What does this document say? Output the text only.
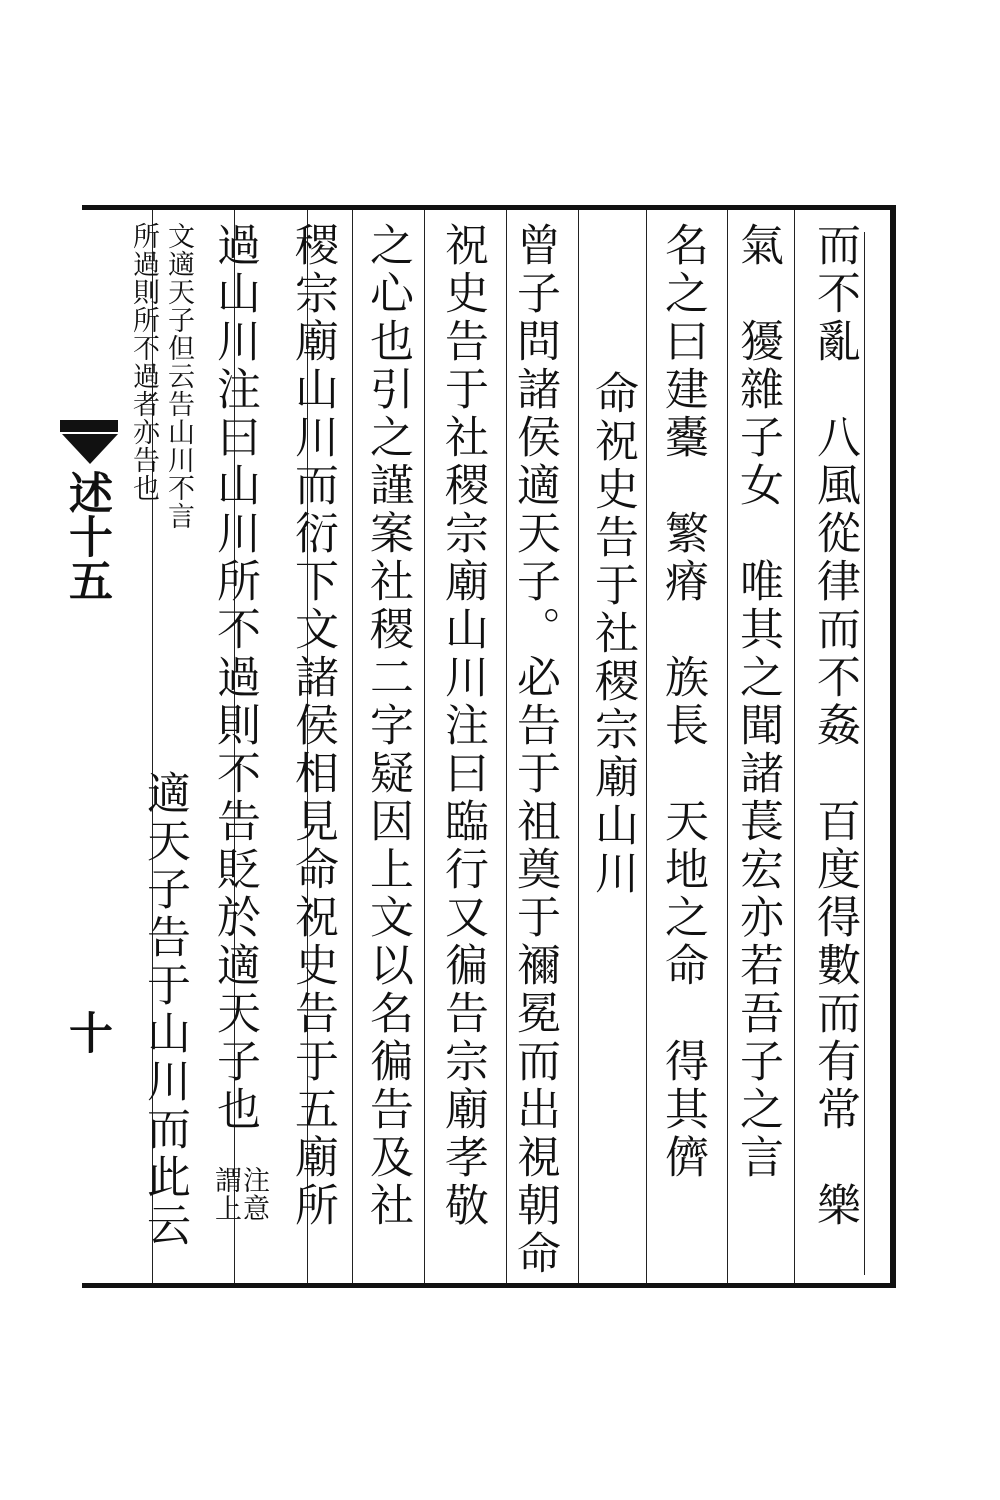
而不亂　八風從律而不姦　百度得數而有常　樂
氣　獶雜子女　唯其之聞諸萇宏亦若吾子之言
名之曰建櫜　繁瘠　族長　天地之命　得其儕
命祝史告于社稷宗廟山川
曾子問諸侯適天子。必告于祖奠于禰冕而出視朝命
祝史告于社稷宗廟山川注曰臨行又徧告宗廟孝敬
之心也引之謹案社稷二字疑因上文以名徧告及社
稷宗廟山川而衍下文諸侯相見命祝史告于五廟所
過山川注曰山川所不過則不告貶於適天子也
注意
謂上
文適天子但云告山川不言
所過則所不過者亦告也
適天子告于山川而此云
述十五
十
